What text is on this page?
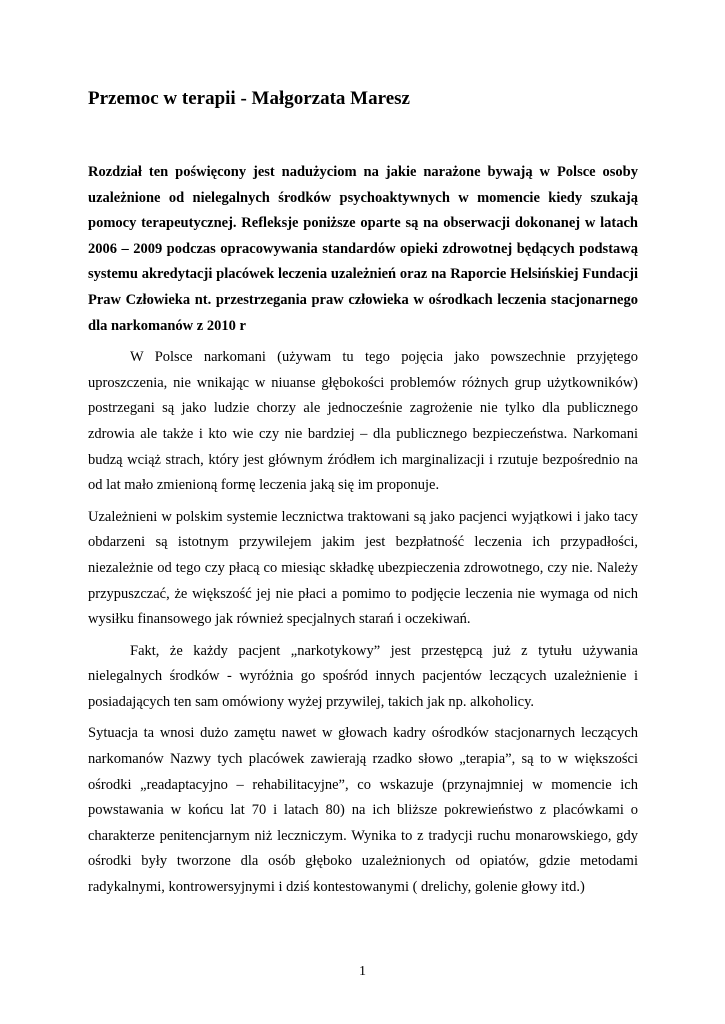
Przemoc w terapii - Małgorzata Maresz

Rozdział ten poświęcony jest nadużyciom na jakie narażone bywają w Polsce osoby uzależnione od nielegalnych środków psychoaktywnych w momencie kiedy szukają pomocy terapeutycznej. Refleksje poniższe oparte są na obserwacji dokonanej w latach 2006 – 2009 podczas opracowywania standardów opieki zdrowotnej będących podstawą systemu akredytacji placówek leczenia uzależnień oraz na Raporcie Helsińskiej Fundacji Praw Człowieka nt. przestrzegania praw człowieka w ośrodkach leczenia stacjonarnego dla narkomanów z 2010 r

W Polsce narkomani (używam tu tego pojęcia jako powszechnie przyjętego uproszczenia, nie wnikając w niuanse głębokości problemów różnych grup użytkowników) postrzegani są jako ludzie chorzy ale jednocześnie zagrożenie nie tylko dla publicznego zdrowia ale także i kto wie czy nie bardziej – dla publicznego bezpieczeństwa. Narkomani budzą wciąż strach, który jest głównym źródłem ich marginalizacji i rzutuje bezpośrednio na od lat mało zmienioną formę leczenia jaką się im proponuje.

Uzależnieni w polskim systemie lecznictwa traktowani są jako pacjenci wyjątkowi i jako tacy obdarzeni są istotnym przywilejem jakim jest bezpłatność leczenia ich przypadłości, niezależnie od tego czy płacą co miesiąc składkę ubezpieczenia zdrowotnego, czy nie. Należy przypuszczać, że większość jej nie płaci a pomimo to podjęcie leczenia nie wymaga od nich wysiłku finansowego jak również specjalnych starań i oczekiwań.

Fakt, że każdy pacjent „narkotykowy” jest przestępcą już z tytułu używania nielegalnych środków - wyróżnia go spośród innych pacjentów leczących uzależnienie i posiadających ten sam omówiony wyżej przywilej, takich jak np. alkoholicy.

Sytuacja ta wnosi dużo zamętu nawet w głowach kadry ośrodków stacjonarnych leczących narkomanów Nazwy tych placówek zawierają rzadko słowo „terapia”, są to w większości ośrodki „readaptacyjno – rehabilitacyjne”, co wskazuje (przynajmniej w momencie ich powstawania w końcu lat 70 i latach 80) na ich bliższe pokrewieństwo z placówkami o charakterze penitencjarnym niż leczniczym. Wynika to z tradycji ruchu monarowskiego, gdy ośrodki były tworzone dla osób głęboko uzależnionych od opiatów, gdzie metodami radykalnymi, kontrowersyjnymi i dziś kontestowanymi ( drelichy, golenie głowy itd.)

1
